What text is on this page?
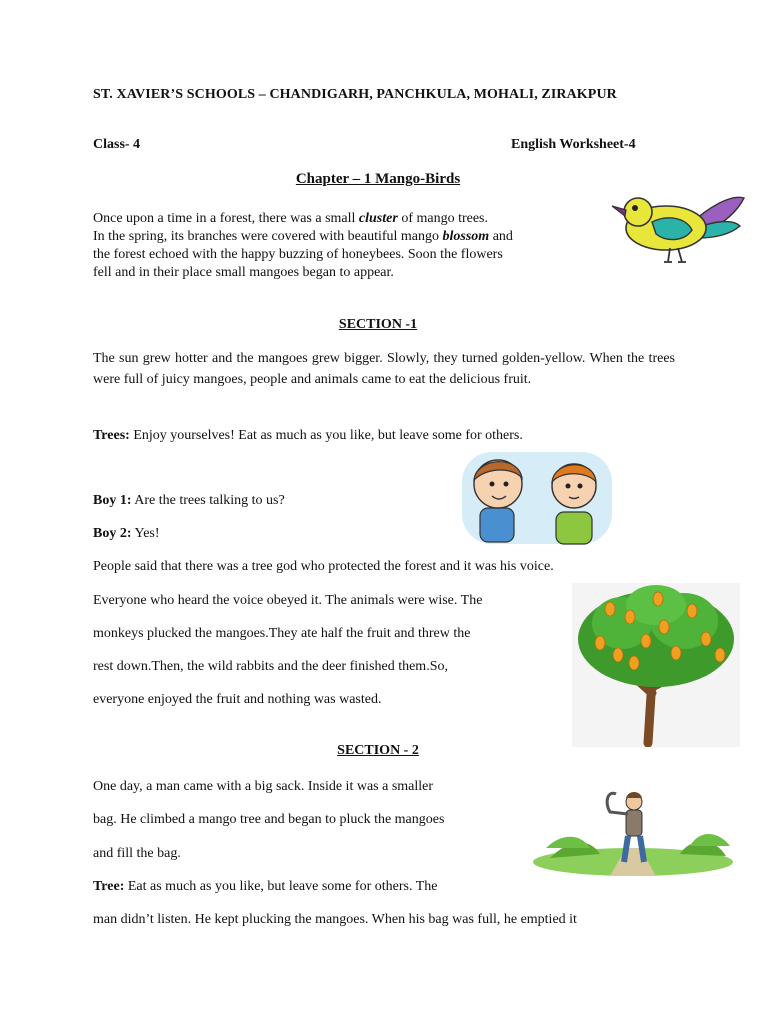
ST. XAVIER’S SCHOOLS – CHANDIGARH, PANCHKULA, MOHALI, ZIRAKPUR
Class- 4	English Worksheet-4
Chapter – 1 Mango-Birds
Once upon a time in a forest, there was a small cluster of mango trees.
In the spring, its branches were covered with beautiful mango blossom and
the forest echoed with the happy buzzing of honeybees. Soon the flowers
fell and in their place small mangoes began to appear.
SECTION -1
The sun grew hotter and the mangoes grew bigger. Slowly, they turned golden-yellow. When the trees were full of juicy mangoes, people and animals came to eat the delicious fruit.
Trees: Enjoy yourselves! Eat as much as you like, but leave some for others.
Boy 1: Are the trees talking to us?
Boy 2: Yes!
People said that there was a tree god who protected the forest and it was his voice.
Everyone who heard the voice obeyed it. The animals were wise. The
monkeys plucked the mangoes.They ate half the fruit and threw the
rest down.Then, the wild rabbits and the deer finished them.So,
everyone enjoyed the fruit and nothing was wasted.
SECTION - 2
One day, a man came with a big sack. Inside it was a smaller
bag. He climbed a mango tree and began to pluck the mangoes
and fill the bag.
Tree: Eat as much as you like, but leave some for others. The
man didn’t listen. He kept plucking the mangoes. When his bag was full, he emptied it
